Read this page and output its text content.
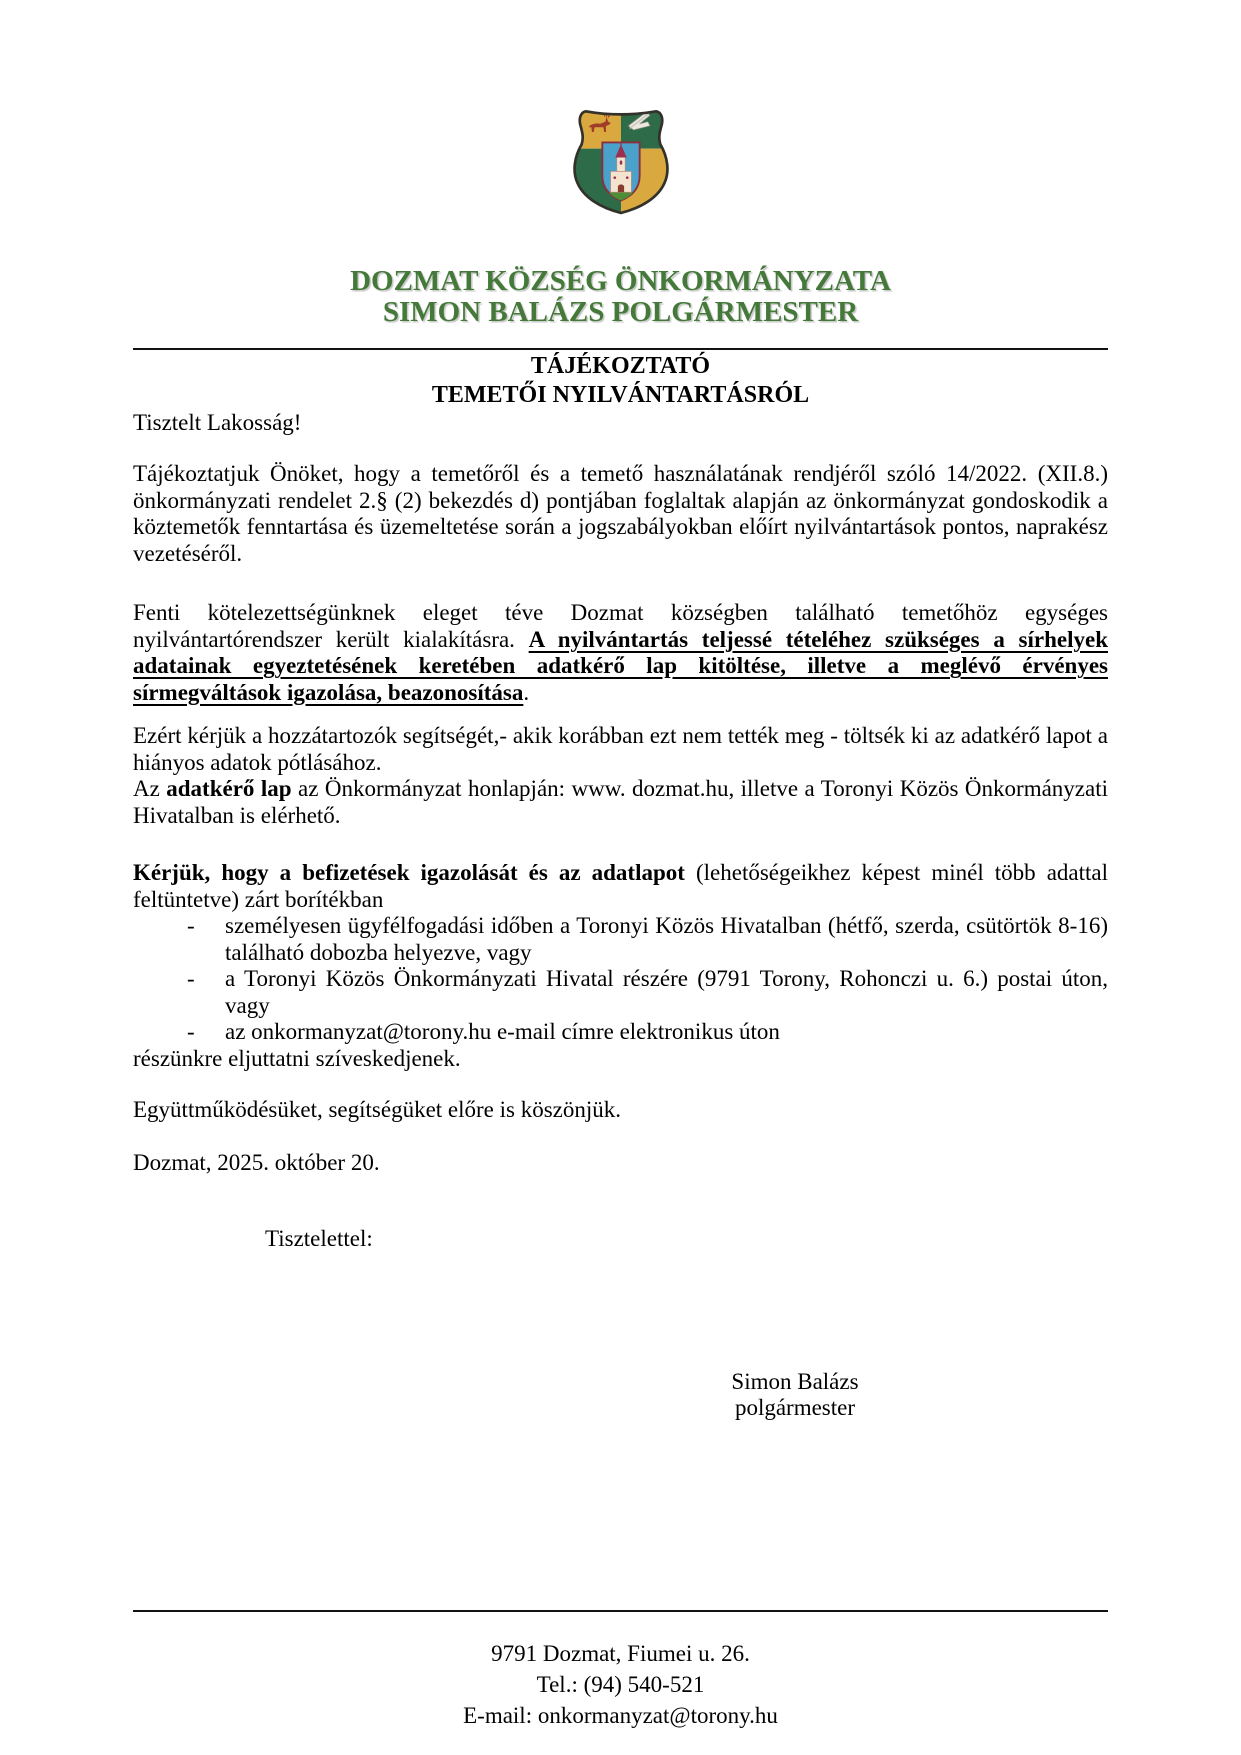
DOZMAT KÖZSÉG ÖNKORMÁNYZATA
SIMON BALÁZS POLGÁRMESTER
TÁJÉKOZTATÓ
TEMETŐI NYILVÁNTARTÁSRÓL

Tisztelt Lakosság!

Tájékoztatjuk Önöket, hogy a temetőről és a temető használatának rendjéről szóló 14/2022. (XII.8.) önkormányzati rendelet 2.§ (2) bekezdés d) pontjában foglaltak alapján az önkormányzat gondoskodik a köztemetők fenntartása és üzemeltetése során a jogszabályokban előírt nyilvántartások pontos, naprakész vezetéséről.

Fenti kötelezettségünknek eleget téve Dozmat községben található temetőhöz egységes nyilvántartórendszer került kialakításra. A nyilvántartás teljessé tételéhez szükséges a sírhelyek adatainak egyeztetésének keretében adatkérő lap kitöltése, illetve a meglévő érvényes sírmegváltások igazolása, beazonosítása.

Ezért kérjük a hozzátartozók segítségét,- akik korábban ezt nem tették meg - töltsék ki az adatkérő lapot a hiányos adatok pótlásához.

Az adatkérő lap az Önkormányzat honlapján: www. dozmat.hu, illetve a Toronyi Közös Önkormányzati Hivatalban is elérhető.

Kérjük, hogy a befizetések igazolását és az adatlapot (lehetőségeikhez képest minél több adattal feltüntetve) zárt borítékban

- személyesen ügyfélfogadási időben a Toronyi Közös Hivatalban (hétfő, szerda, csütörtök 8-16) található dobozba helyezve, vagy
- a Toronyi Közös Önkormányzati Hivatal részére (9791 Torony, Rohonczi u. 6.) postai úton, vagy
- az onkormanyzat@torony.hu e-mail címre elektronikus úton

részünkre eljuttatni szíveskedjenek.

Együttműködésüket, segítségüket előre is köszönjük.

Dozmat, 2025. október 20.

Tisztelettel:

Simon Balázs
polgármester
9791 Dozmat, Fiumei u. 26.
Tel.: (94) 540-521
E-mail: onkormanyzat@torony.hu
